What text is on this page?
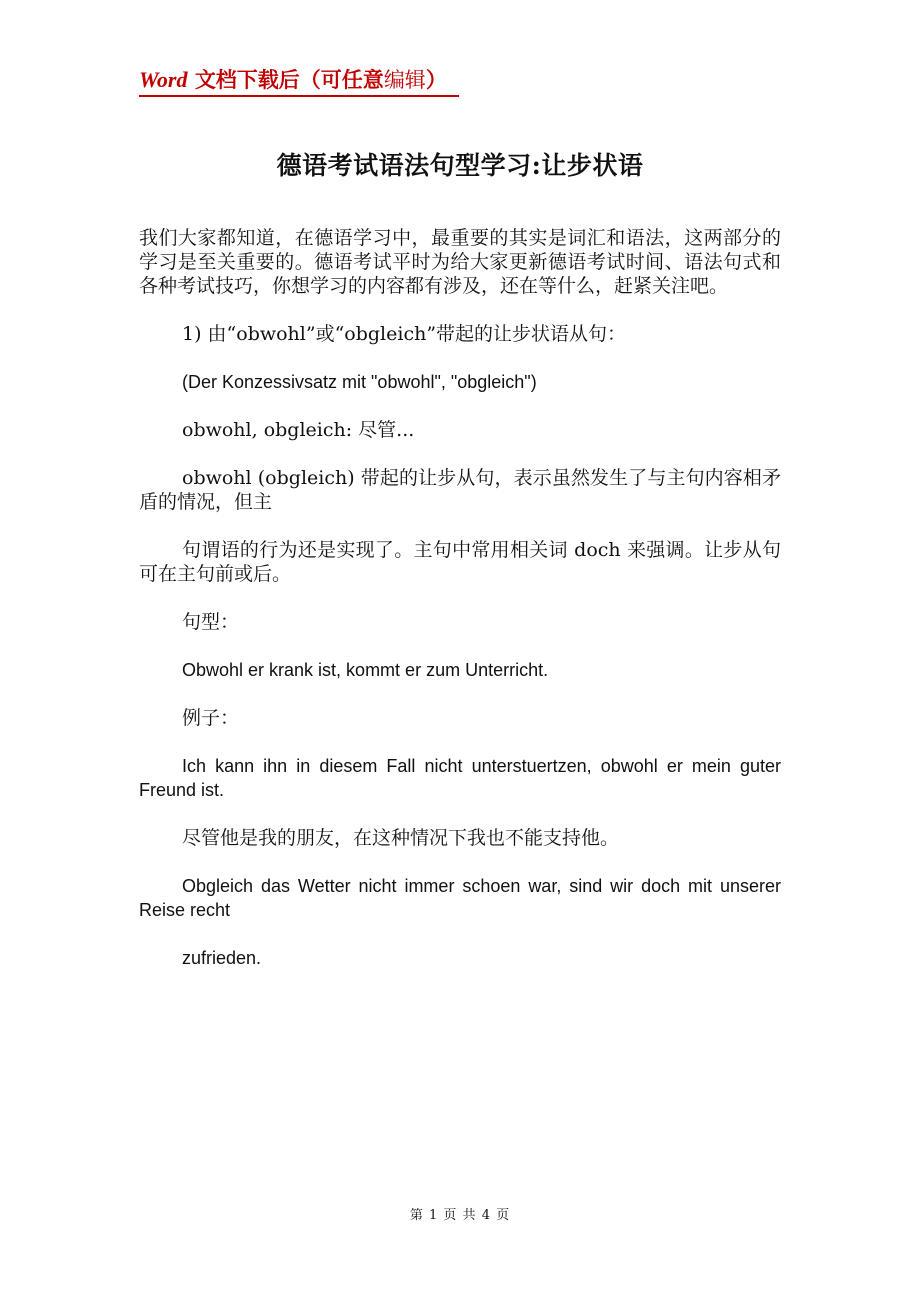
Word 文档下载后（可任意编辑）
德语考试语法句型学习:让步状语

我们大家都知道，在德语学习中，最重要的其实是词汇和语法，这两部分的学习是至关重要的。德语考试平时为给大家更新德语考试时间、语法句式和各种考试技巧，你想学习的内容都有涉及，还在等什么，赶紧关注吧。

1) 由“obwohl”或“obgleich”带起的让步状语从句：

(Der Konzessivsatz mit "obwohl", "obgleich")

obwohl, obgleich: 尽管...

obwohl (obgleich) 带起的让步从句，表示虽然发生了与主句内容相矛盾的情况，但主

句谓语的行为还是实现了。主句中常用相关词 doch 来强调。让步从句可在主句前或后。

句型：

Obwohl er krank ist, kommt er zum Unterricht.

例子：

Ich kann ihn in diesem Fall nicht unterstuertzen, obwohl er mein guter Freund ist.

尽管他是我的朋友，在这种情况下我也不能支持他。

Obgleich das Wetter nicht immer schoen war, sind wir doch mit unserer Reise recht

zufrieden.

第 1 页 共 4 页
